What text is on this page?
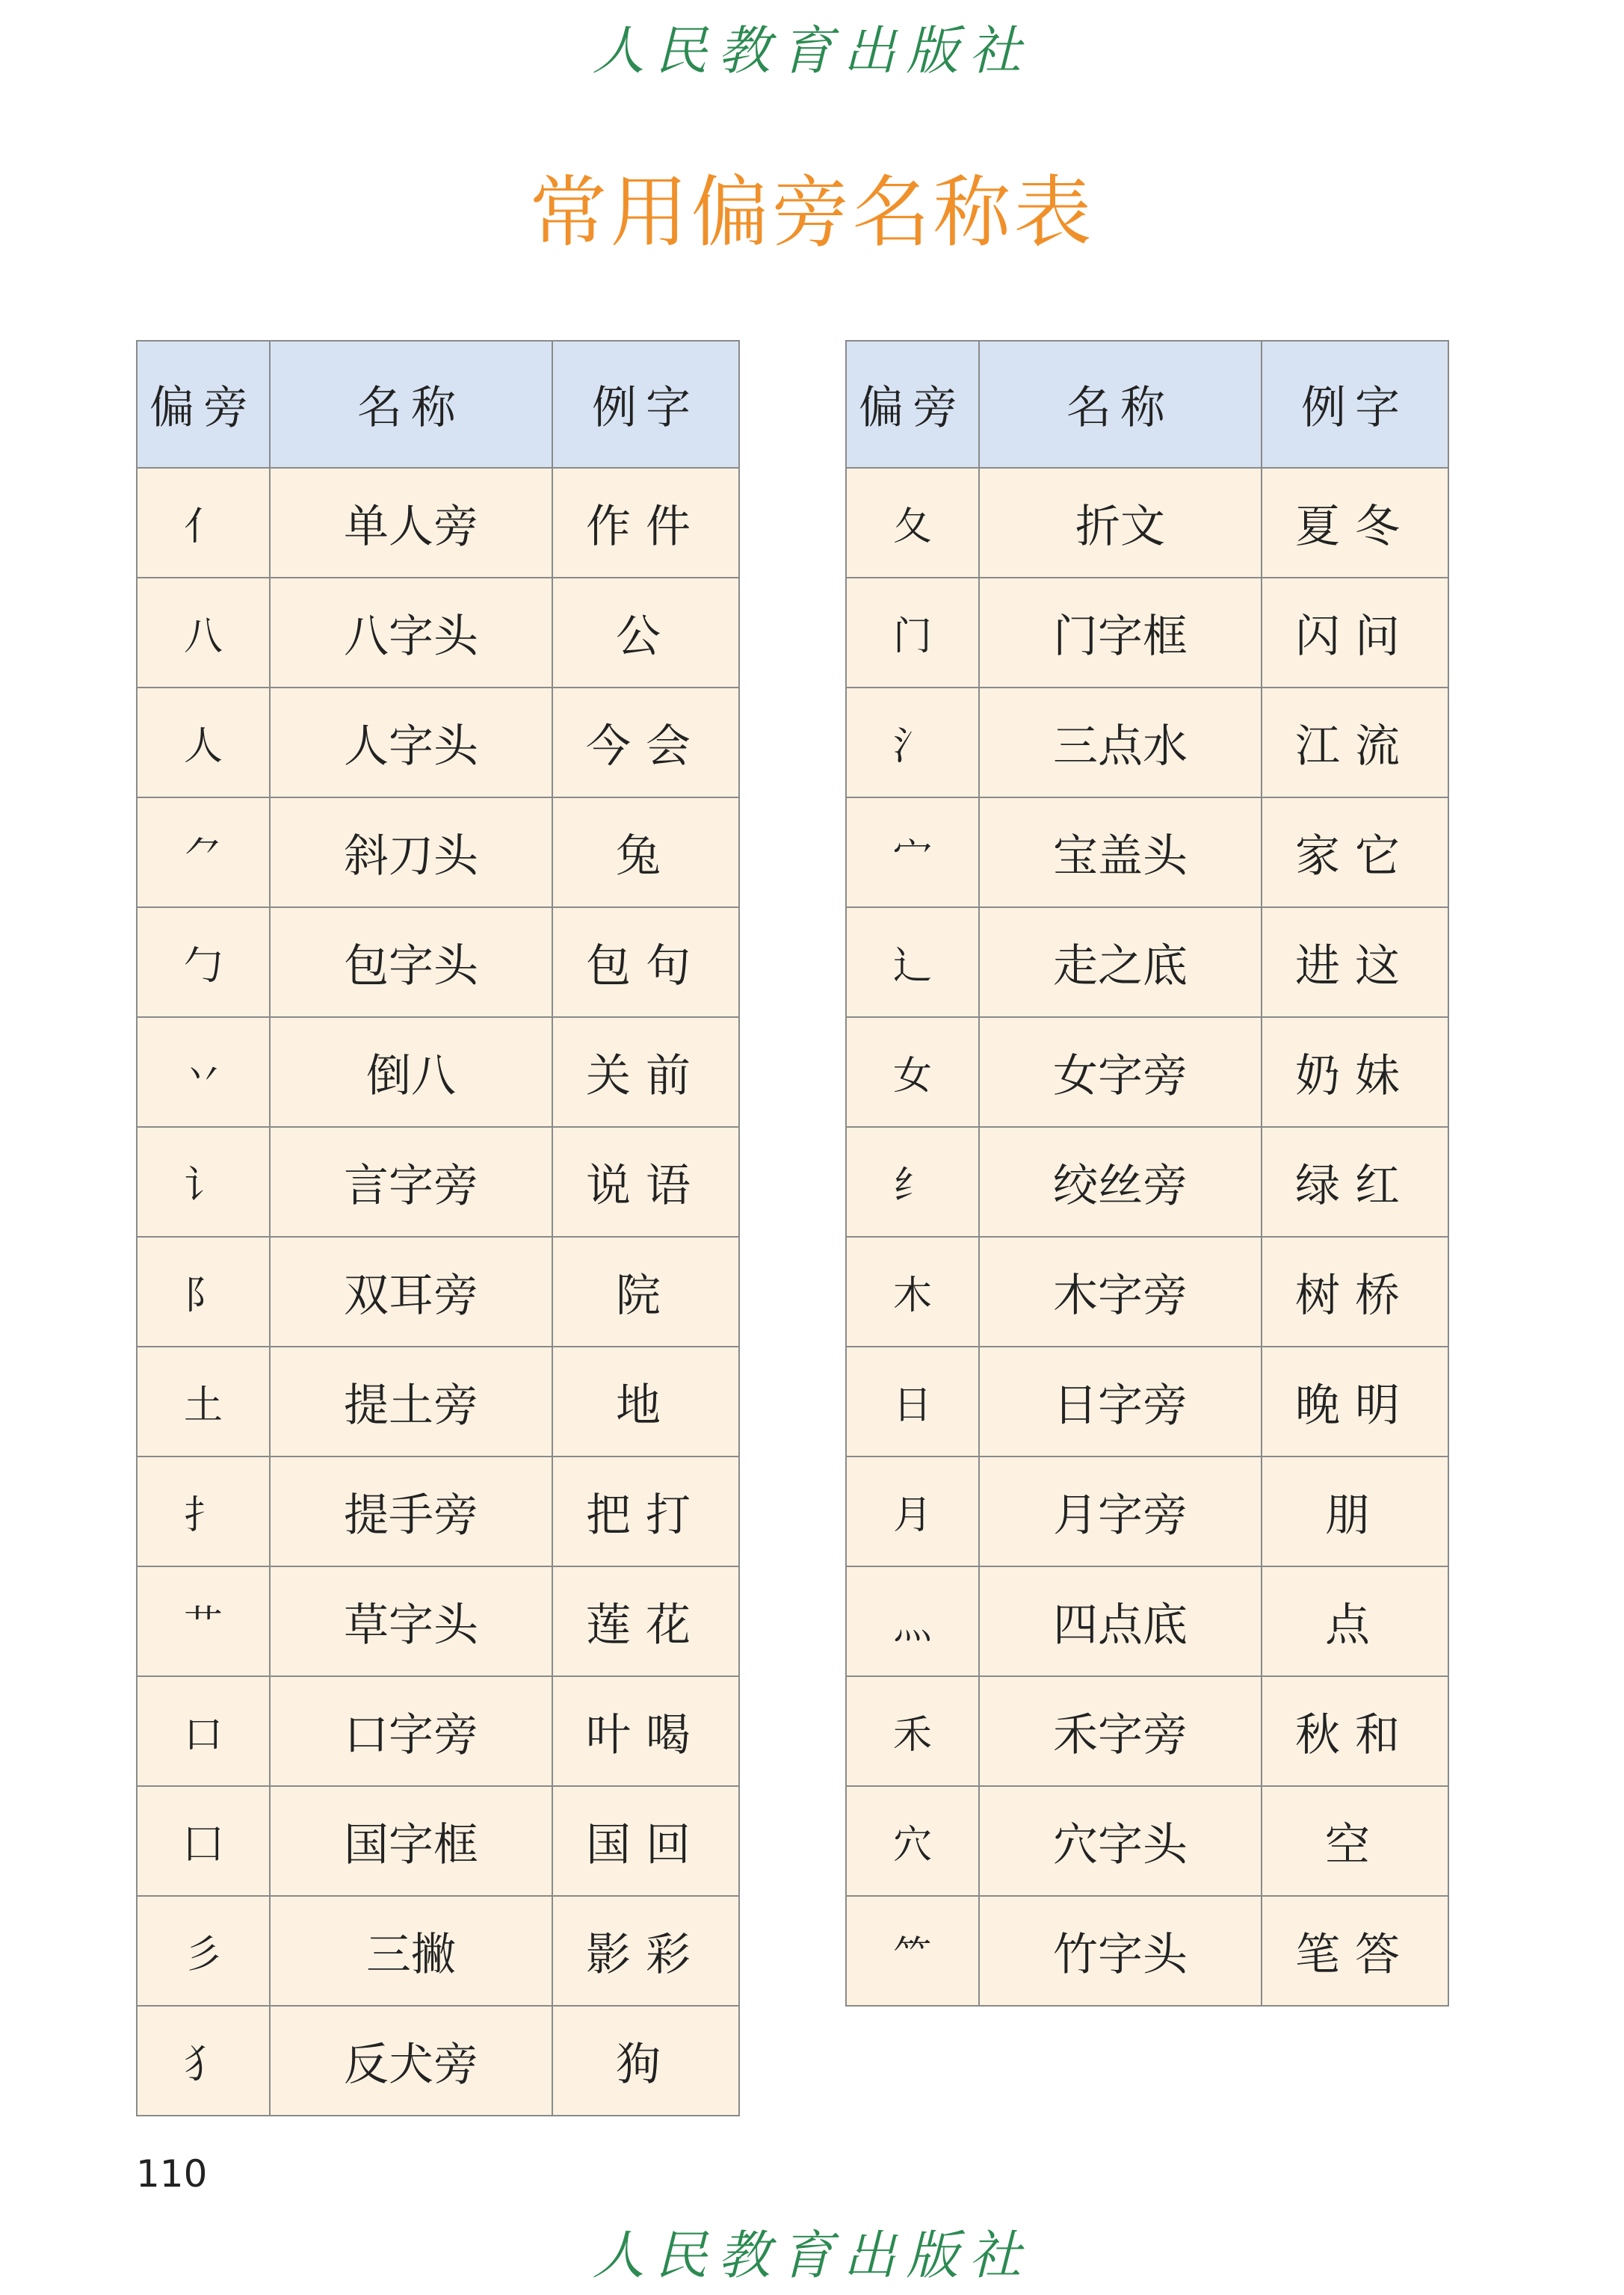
人民教育出版社
常用偏旁名称表
偏旁	名称	例字
亻	单人旁	作件
八	八字头	公
人	人字头	今会
⺈	斜刀头	兔
勹	包字头	包句
丷	倒八	关前
讠	言字旁	说语
阝	双耳旁	院
土	提土旁	地
扌	提手旁	把打
艹	草字头	莲花
口	口字旁	叶喝
囗	国字框	国回
彡	三撇	影彩
犭	反犬旁	狗
偏旁	名称	例字
夂	折文	夏冬
门	门字框	闪问
氵	三点水	江流
宀	宝盖头	家它
辶	走之底	进这
女	女字旁	奶妹
纟	绞丝旁	绿红
木	木字旁	树桥
日	日字旁	晚明
月	月字旁	朋
灬	四点底	点
禾	禾字旁	秋和
穴	穴字头	空
⺮	竹字头	笔答
110
人民教育出版社
